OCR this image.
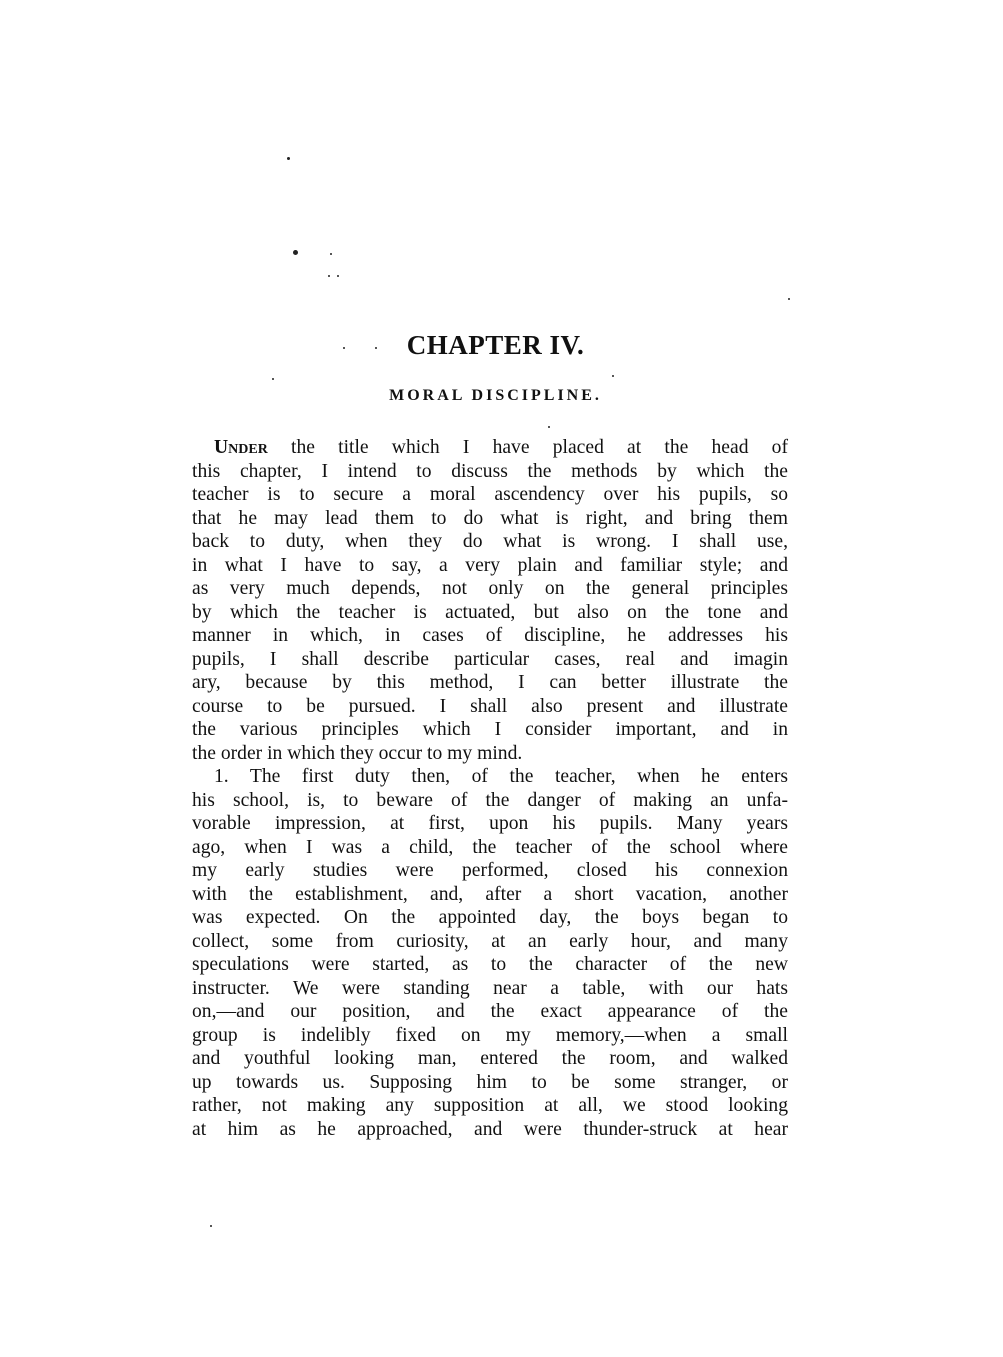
CHAPTER IV.
MORAL DISCIPLINE.
Under the title which I have placed at the head of
this chapter, I intend to discuss the methods by which the
teacher is to secure a moral ascendency over his pupils, so
that he may lead them to do what is right, and bring them
back to duty, when they do what is wrong. I shall use,
in what I have to say, a very plain and familiar style; and
as very much depends, not only on the general principles
by which the teacher is actuated, but also on the tone and
manner in which, in cases of discipline, he addresses his
pupils, I shall describe particular cases, real and imagin
ary, because by this method, I can better illustrate the
course to be pursued. I shall also present and illustrate
the various principles which I consider important, and in
the order in which they occur to my mind.
1. The first duty then, of the teacher, when he enters
his school, is, to beware of the danger of making an unfa-
vorable impression, at first, upon his pupils. Many years
ago, when I was a child, the teacher of the school where
my early studies were performed, closed his connexion
with the establishment, and, after a short vacation, another
was expected. On the appointed day, the boys began to
collect, some from curiosity, at an early hour, and many
speculations were started, as to the character of the new
instructer. We were standing near a table, with our hats
on,—and our position, and the exact appearance of the
group is indelibly fixed on my memory,—when a small
and youthful looking man, entered the room, and walked
up towards us. Supposing him to be some stranger, or
rather, not making any supposition at all, we stood looking
at him as he approached, and were thunder-struck at hear
